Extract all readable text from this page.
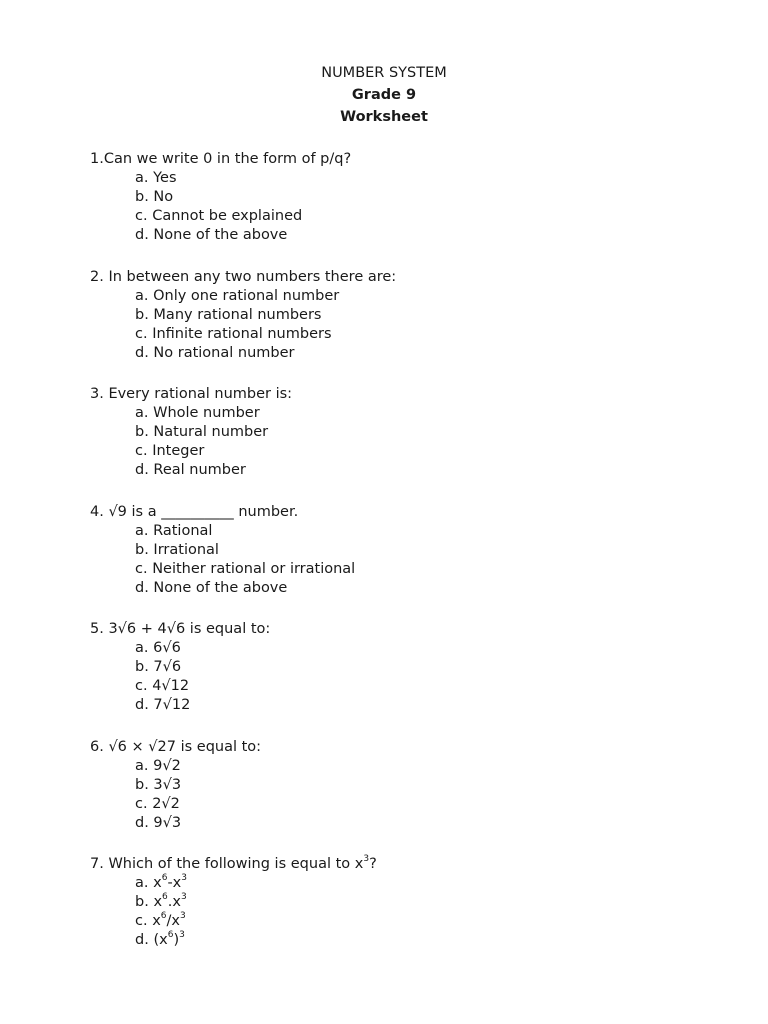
NUMBER SYSTEM
Grade 9
Worksheet
1.Can we write 0 in the form of p/q?
a. Yes
b. No
c. Cannot be explained
d. None of the above
2. In between any two numbers there are:
a. Only one rational number
b. Many rational numbers
c. Infinite rational numbers
d. No rational number
3. Every rational number is:
a. Whole number
b. Natural number
c. Integer
d. Real number
4. √9 is a __________ number.
a. Rational
b. Irrational
c. Neither rational or irrational
d. None of the above
5. 3√6 + 4√6 is equal to:
a. 6√6
b. 7√6
c. 4√12
d. 7√12
6. √6 × √27 is equal to:
a. 9√2
b. 3√3
c. 2√2
d. 9√3
7. Which of the following is equal to $x^3$?
a. $x^6-x^3$
b. $x^6.x^3$
c. $x^6/x^3$
d. $(x^6)^3$
